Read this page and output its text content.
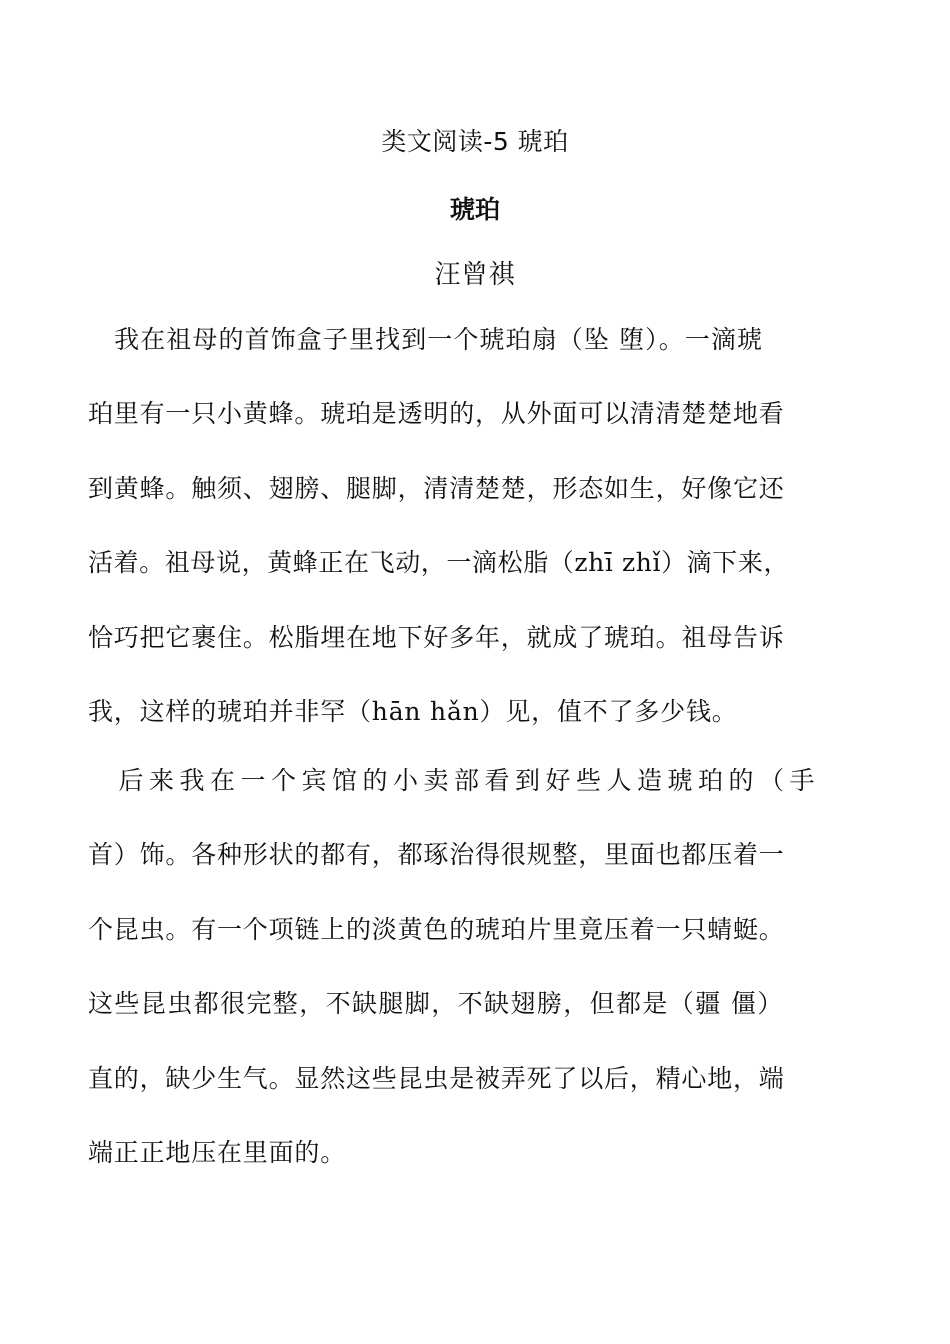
类文阅读-5 琥珀
琥珀
汪曾祺
　我在祖母的首饰盒子里找到一个琥珀扇（坠 堕）。一滴琥
珀里有一只小黄蜂。琥珀是透明的，从外面可以清清楚楚地看
到黄蜂。触须、翅膀、腿脚，清清楚楚，形态如生，好像它还
活着。祖母说，黄蜂正在飞动，一滴松脂（zhī zhǐ）滴下来，
恰巧把它裹住。松脂埋在地下好多年，就成了琥珀。祖母告诉
我，这样的琥珀并非罕（hān hǎn）见，值不了多少钱。
　后来我在一个宾馆的小卖部看到好些人造琥珀的（手
首）饰。各种形状的都有，都琢治得很规整，里面也都压着一
个昆虫。有一个项链上的淡黄色的琥珀片里竟压着一只蜻蜓。
这些昆虫都很完整，不缺腿脚，不缺翅膀，但都是（疆 僵）
直的，缺少生气。显然这些昆虫是被弄死了以后，精心地，端
端正正地压在里面的。
